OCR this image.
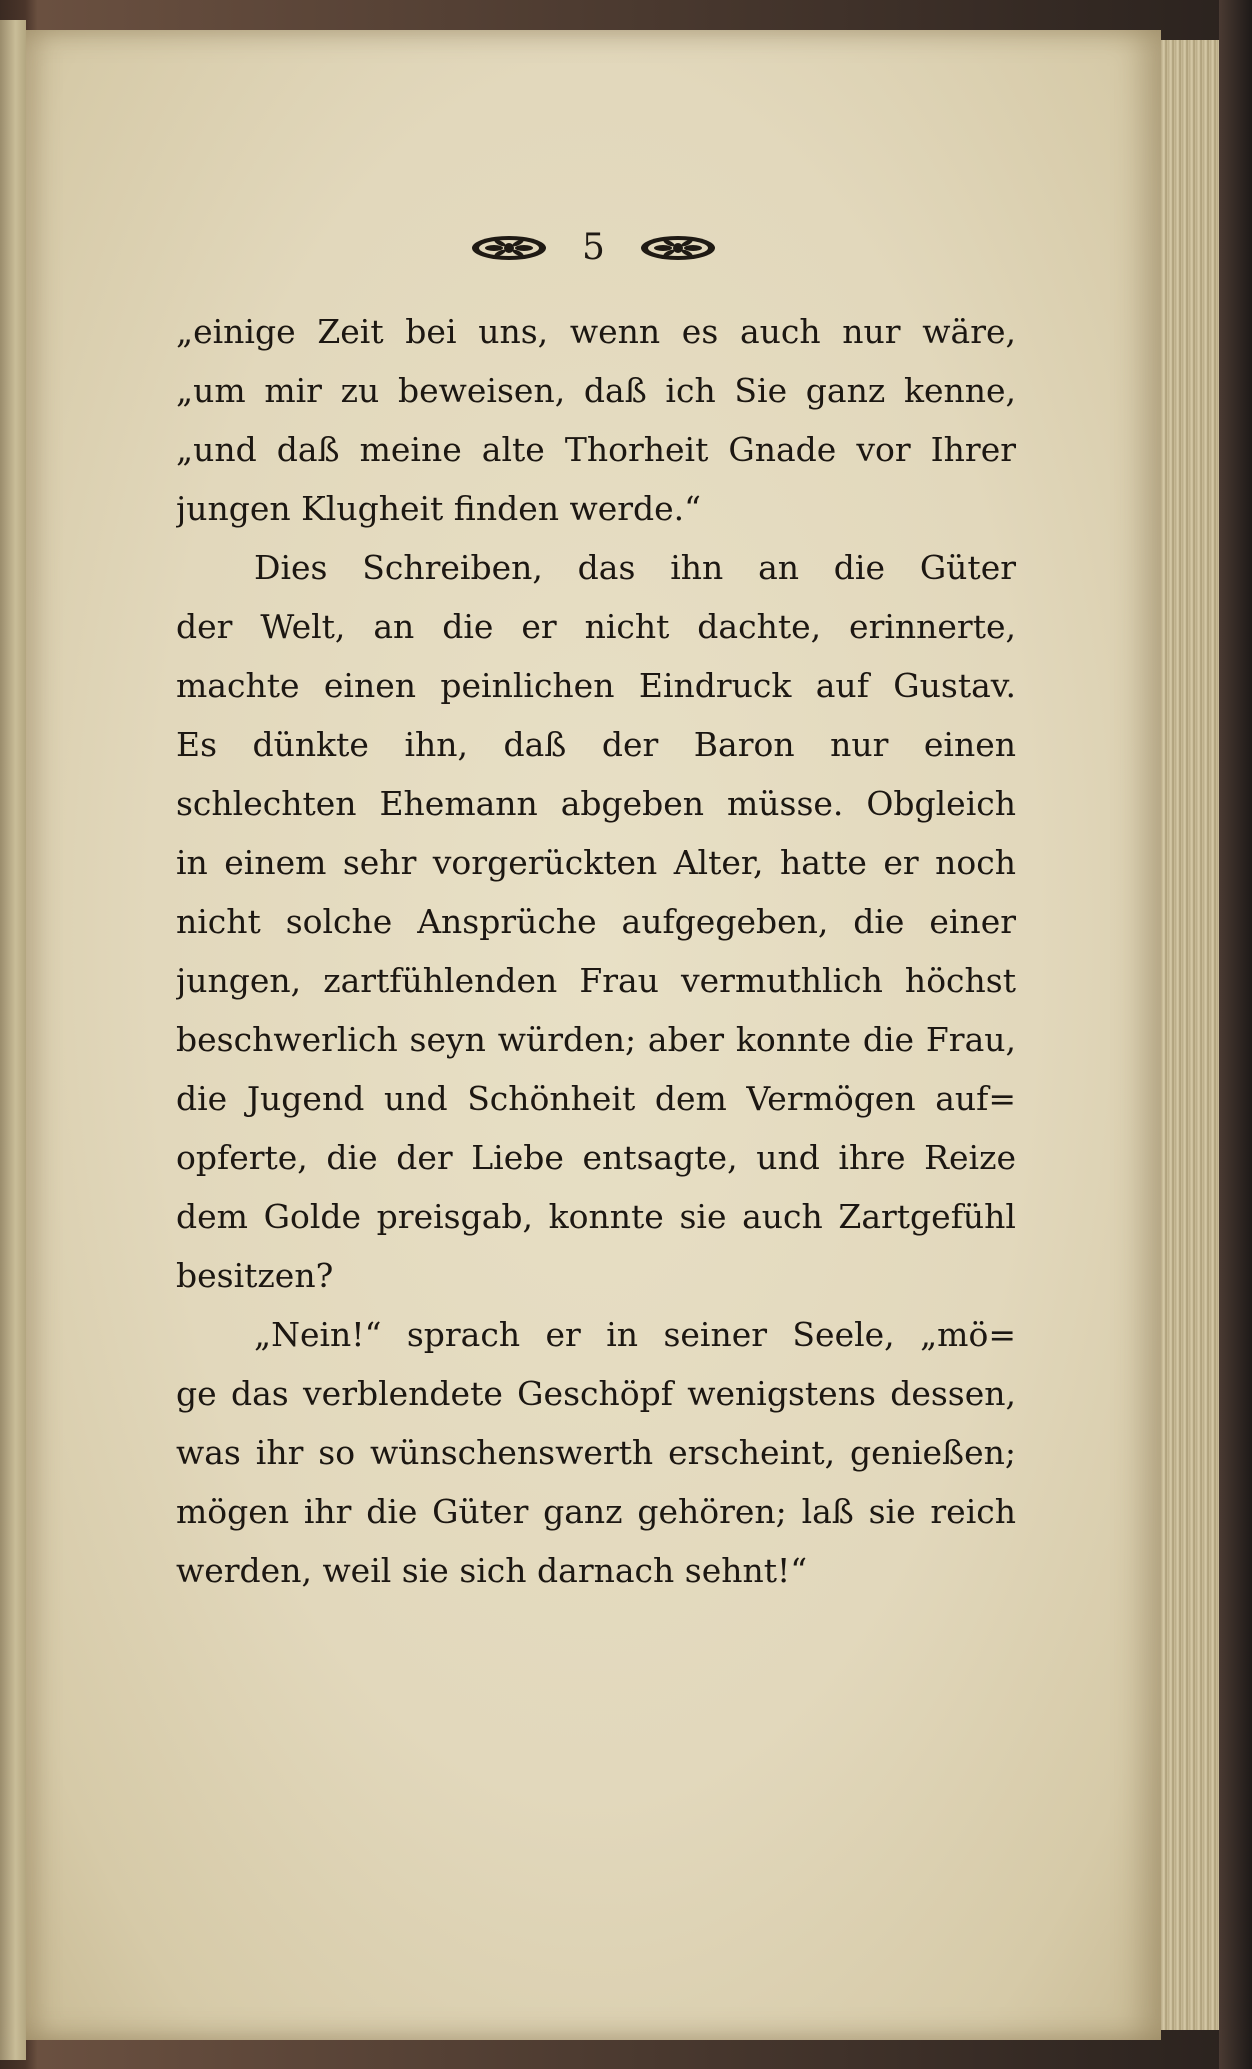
5
„einige Zeit bei uns, wenn es auch nur wäre,
„um mir zu beweisen, daß ich Sie ganz kenne,
„und daß meine alte Thorheit Gnade vor Ihrer
jungen Klugheit finden werde.“
Dies Schreiben, das ihn an die Güter
der Welt, an die er nicht dachte, erinnerte,
machte einen peinlichen Eindruck auf Gustav.
Es dünkte ihn, daß der Baron nur einen
schlechten Ehemann abgeben müsse. Obgleich
in einem sehr vorgerückten Alter, hatte er noch
nicht solche Ansprüche aufgegeben, die einer
jungen, zartfühlenden Frau vermuthlich höchst
beschwerlich seyn würden; aber konnte die Frau,
die Jugend und Schönheit dem Vermögen auf=
opferte, die der Liebe entsagte, und ihre Reize
dem Golde preisgab, konnte sie auch Zartgefühl
besitzen?
„Nein!“ sprach er in seiner Seele, „mö=
ge das verblendete Geschöpf wenigstens dessen,
was ihr so wünschenswerth erscheint, genießen;
mögen ihr die Güter ganz gehören; laß sie reich
werden, weil sie sich darnach sehnt!“
